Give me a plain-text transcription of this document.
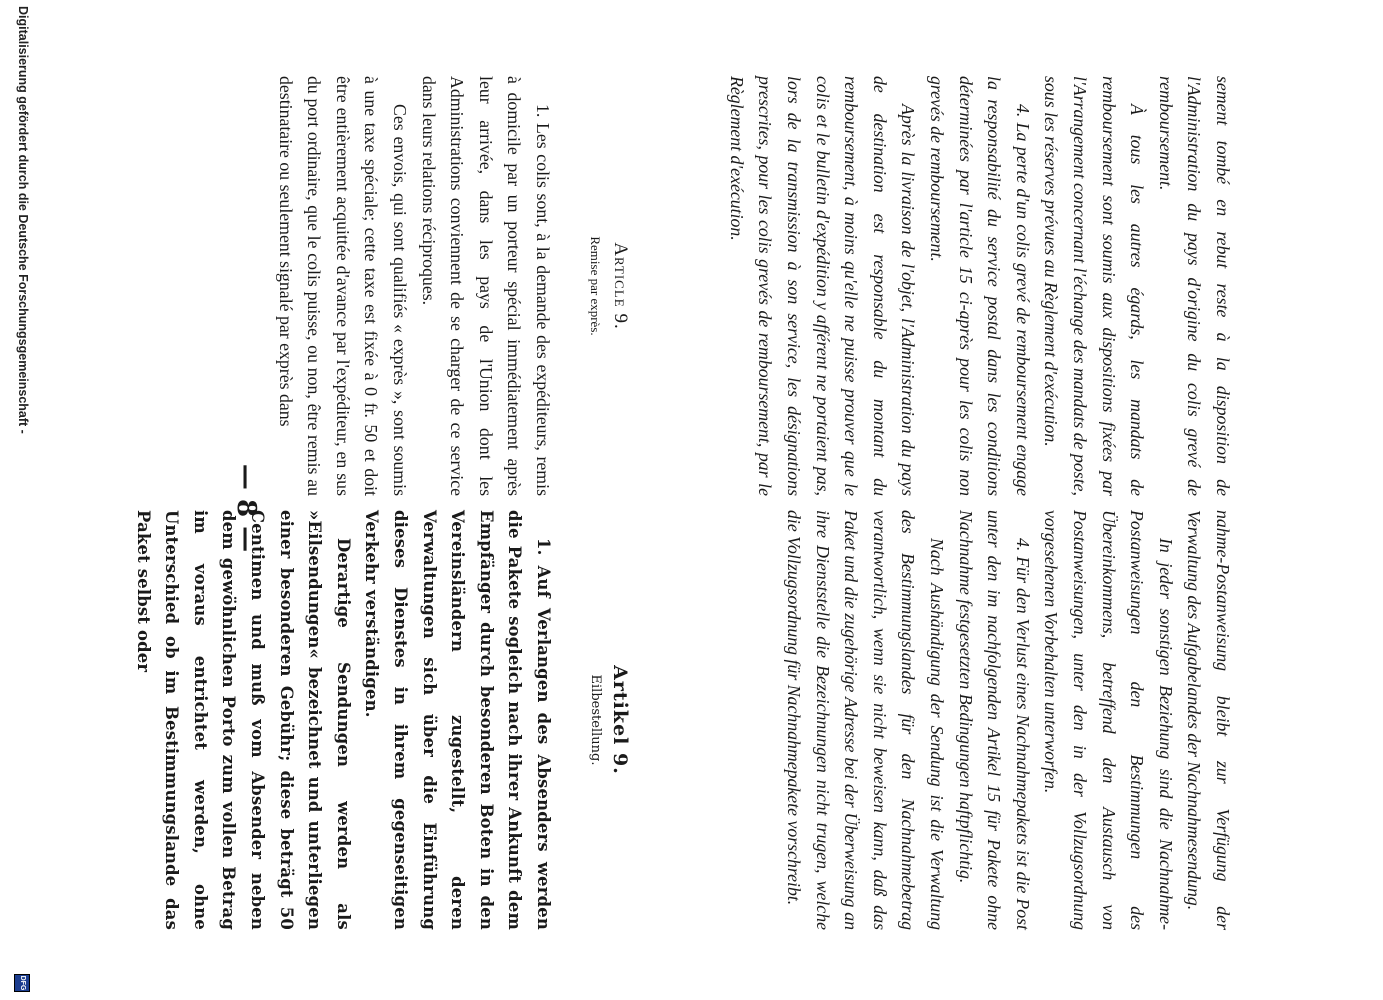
— 8 —

sement tombé en rebut reste à la disposition de l'Administration du pays d'origine du colis grevé de remboursement.

À tous les autres égards, les mandats de remboursement sont soumis aux dispositions fixées par l'Arrangement concernant l'échange des mandats de poste, sous les réserves prévues au Règlement d'exécution.

4. La perte d'un colis grevé de remboursement engage la responsabilité du service postal dans les conditions déterminées par l'article 15 ci-après pour les colis non grevés de remboursement.

Après la livraison de l'objet, l'Administration du pays de destination est responsable du montant du remboursement, à moins qu'elle ne puisse prouver que le colis et le bulletin d'expédition y afférent ne portaient pas, lors de la transmission à son service, les désignations prescrites, pour les colis grevés de remboursement, par le Règlement d'exécution.

nahme-Postanweisung bleibt zur Verfügung der Verwaltung des Aufgabelandes der Nachnahmesendung.

In jeder sonstigen Beziehung sind die Nachnahme-Postanweisungen den Bestimmungen des Übereinkommens, betreffend den Austausch von Postanweisungen, unter den in der Vollzugsordnung vorgesehenen Vorbehalten unterworfen.

4. Für den Verlust eines Nachnahmepakets ist die Post unter den im nachfolgenden Artikel 15 für Pakete ohne Nachnahme festgesetzten Bedingungen haftpflichtig.

Nach Aushändigung der Sendung ist die Verwaltung des Bestimmungslandes für den Nachnahmebetrag verantwortlich, wenn sie nicht beweisen kann, daß das Paket und die zugehörige Adresse bei der Überweisung an ihre Dienststelle die Bezeichnungen nicht trugen, welche die Vollzugsordnung für Nachnahmepakete vorschreibt.

Article 9.
Remise par exprès.
Artikel 9.
Eilbestellung.

1. Les colis sont, à la demande des expéditeurs, remis à domicile par un porteur spécial immédiatement après leur arrivée, dans les pays de l'Union dont les Administrations conviennent de se charger de ce service dans leurs relations réciproques.

Ces envois, qui sont qualifiés « exprès », sont soumis à une taxe spéciale; cette taxe est fixée à 0 fr. 50 et doit être entièrement acquittée d'avance par l'expéditeur, en sus du port ordinaire, que le colis puisse, ou non, être remis au destinataire ou seulement signalé par exprès dans

1. Auf Verlangen des Absenders werden die Pakete sogleich nach ihrer Ankunft dem Empfänger durch besonderen Boten in den Vereinsländern zugestellt, deren Verwaltungen sich über die Einführung dieses Dienstes in ihrem gegenseitigen Verkehr verständigen.

Derartige Sendungen werden als »Eilsendungen« bezeichnet und unterliegen einer besonderen Gebühr; diese beträgt 50 Centimen und muß vom Absender neben dem gewöhnlichen Porto zum vollen Betrag im voraus entrichtet werden, ohne Unterschied ob im Bestimmungslande das Paket selbst oder

Digitalisierung gefördert durch die Deutsche Forschungsgemeinschaft -
DFG
